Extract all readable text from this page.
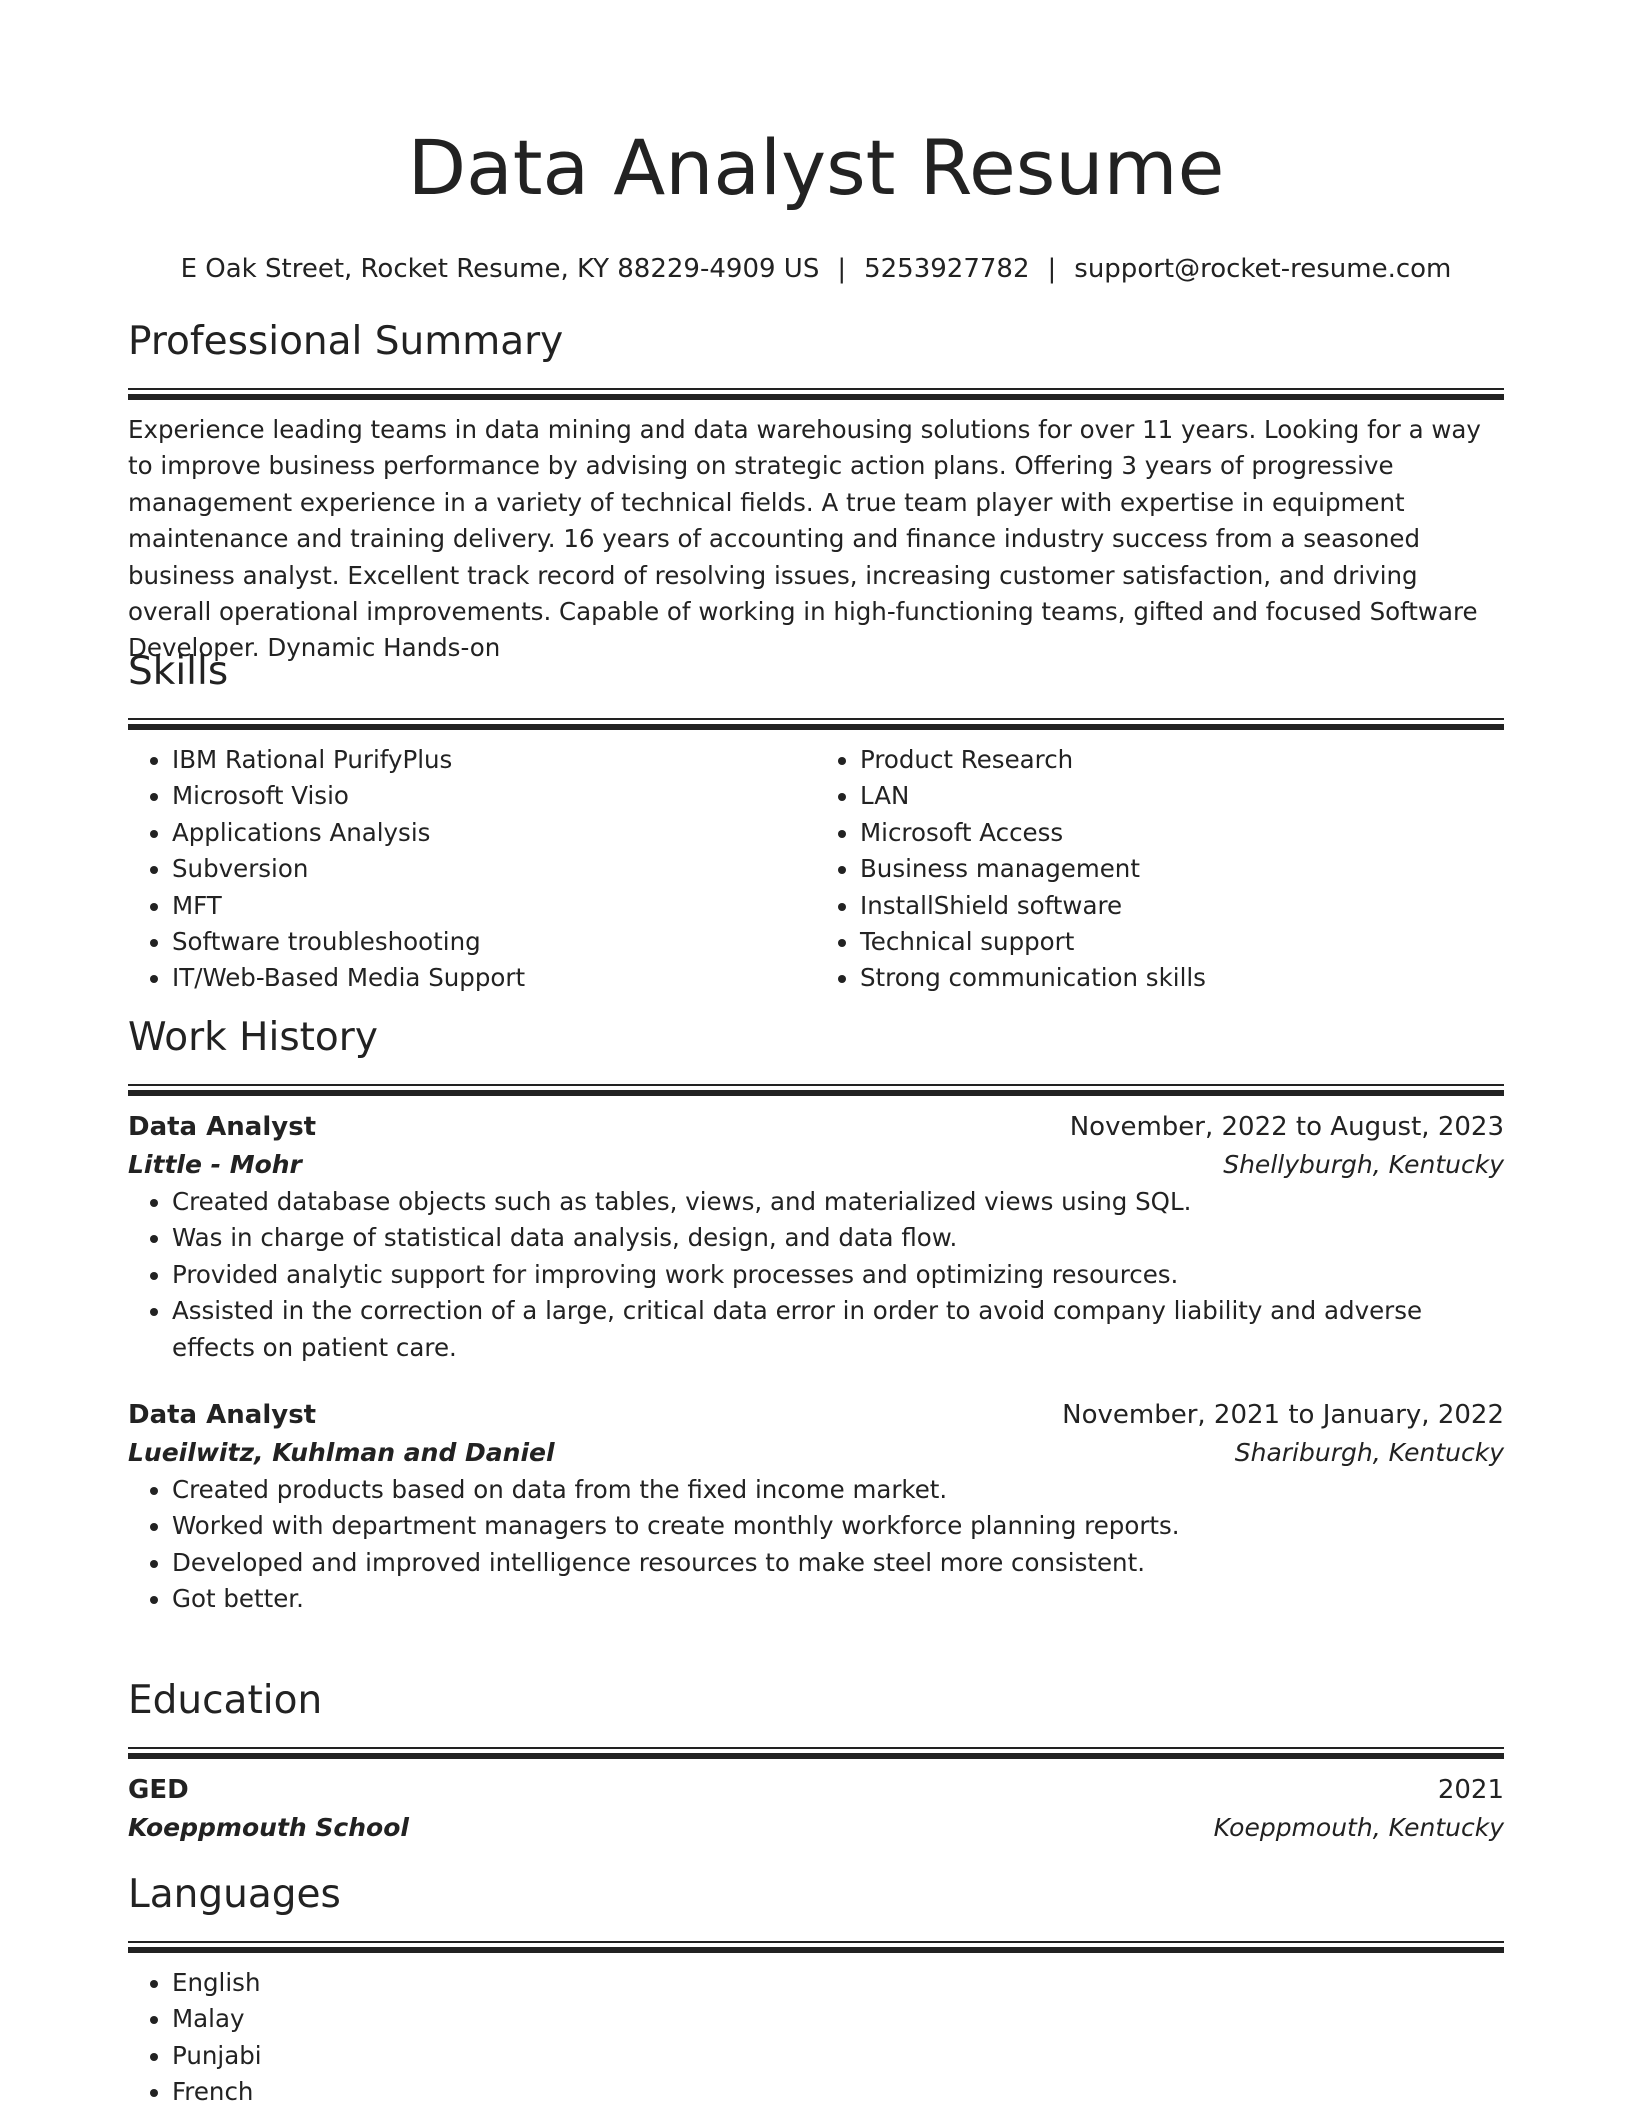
Data Analyst Resume
E Oak Street, Rocket Resume, KY 88229-4909 US | 5253927782 | support@rocket-resume.com
Professional Summary
Experience leading teams in data mining and data warehousing solutions for over 11 years. Looking for a way to improve business performance by advising on strategic action plans. Offering 3 years of progressive management experience in a variety of technical fields. A true team player with expertise in equipment maintenance and training delivery. 16 years of accounting and finance industry success from a seasoned business analyst. Excellent track record of resolving issues, increasing customer satisfaction, and driving overall operational improvements. Capable of working in high-functioning teams, gifted and focused Software Developer. Dynamic Hands-on
Skills
• IBM Rational PurifyPlus
• Microsoft Visio
• Applications Analysis
• Subversion
• MFT
• Software troubleshooting
• IT/Web-Based Media Support
• Product Research
• LAN
• Microsoft Access
• Business management
• InstallShield software
• Technical support
• Strong communication skills
Work History
Data Analyst	November, 2022 to August, 2023
Little - Mohr	Shellyburgh, Kentucky
• Created database objects such as tables, views, and materialized views using SQL.
• Was in charge of statistical data analysis, design, and data flow.
• Provided analytic support for improving work processes and optimizing resources.
• Assisted in the correction of a large, critical data error in order to avoid company liability and adverse effects on patient care.
Data Analyst	November, 2021 to January, 2022
Lueilwitz, Kuhlman and Daniel	Shariburgh, Kentucky
• Created products based on data from the fixed income market.
• Worked with department managers to create monthly workforce planning reports.
• Developed and improved intelligence resources to make steel more consistent.
• Got better.
Education
GED	2021
Koeppmouth School	Koeppmouth, Kentucky
Languages
• English
• Malay
• Punjabi
• French
